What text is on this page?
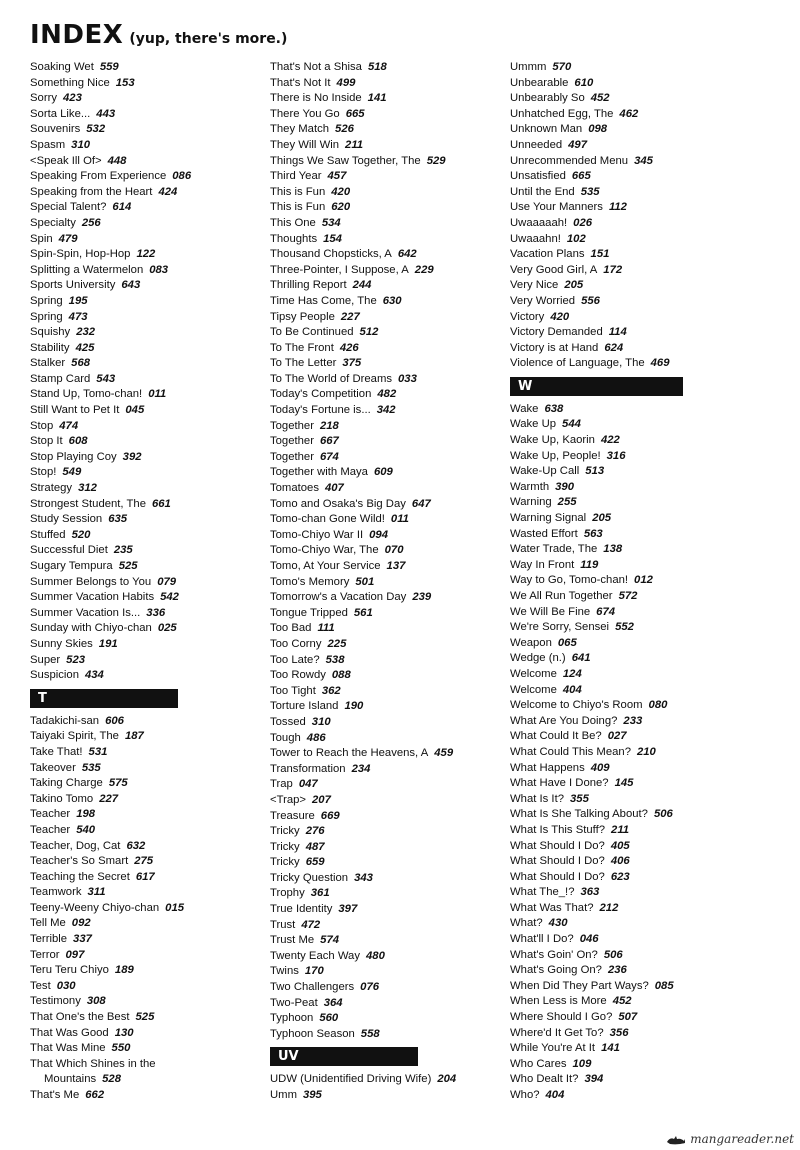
INDEX (yup, there's more.)
Soaking Wet 559
Something Nice 153
Sorry 423
Sorta Like... 443
Souvenirs 532
Spasm 310
<Speak Ill Of> 448
Speaking From Experience 086
Speaking from the Heart 424
Special Talent? 614
Specialty 256
Spin 479
Spin-Spin, Hop-Hop 122
Splitting a Watermelon 083
Sports University 643
Spring 195
Spring 473
Squishy 232
Stability 425
Stalker 568
Stamp Card 543
Stand Up, Tomo-chan! 011
Still Want to Pet It 045
Stop 474
Stop It 608
Stop Playing Coy 392
Stop! 549
Strategy 312
Strongest Student, The 661
Study Session 635
Stuffed 520
Successful Diet 235
Sugary Tempura 525
Summer Belongs to You 079
Summer Vacation Habits 542
Summer Vacation Is... 336
Sunday with Chiyo-chan 025
Sunny Skies 191
Super 523
Suspicion 434
T
Tadakichi-san 606
Taiyaki Spirit, The 187
Take That! 531
Takeover 535
Taking Charge 575
Takino Tomo 227
Teacher 198
Teacher 540
Teacher, Dog, Cat 632
Teacher's So Smart 275
Teaching the Secret 617
Teamwork 311
Teeny-Weeny Chiyo-chan 015
Tell Me 092
Terrible 337
Terror 097
Teru Teru Chiyo 189
Test 030
Testimony 308
That One's the Best 525
That Was Good 130
That Was Mine 550
That Which Shines in the
Mountains 528
That's Me 662
That's Not a Shisa 518
That's Not It 499
There is No Inside 141
There You Go 665
They Match 526
They Will Win 211
Things We Saw Together, The 529
Third Year 457
This is Fun 420
This is Fun 620
This One 534
Thoughts 154
Thousand Chopsticks, A 642
Three-Pointer, I Suppose, A 229
Thrilling Report 244
Time Has Come, The 630
Tipsy People 227
To Be Continued 512
To The Front 426
To The Letter 375
To The World of Dreams 033
Today's Competition 482
Today's Fortune is... 342
Together 218
Together 667
Together 674
Together with Maya 609
Tomatoes 407
Tomo and Osaka's Big Day 647
Tomo-chan Gone Wild! 011
Tomo-Chiyo War II 094
Tomo-Chiyo War, The 070
Tomo, At Your Service 137
Tomo's Memory 501
Tomorrow's a Vacation Day 239
Tongue Tripped 561
Too Bad 111
Too Corny 225
Too Late? 538
Too Rowdy 088
Too Tight 362
Torture Island 190
Tossed 310
Tough 486
Tower to Reach the Heavens, A 459
Transformation 234
Trap 047
<Trap> 207
Treasure 669
Tricky 276
Tricky 487
Tricky 659
Tricky Question 343
Trophy 361
True Identity 397
Trust 472
Trust Me 574
Twenty Each Way 480
Twins 170
Two Challengers 076
Two-Peat 364
Typhoon 560
Typhoon Season 558
UV
UDW (Unidentified Driving Wife) 204
Umm 395
Ummm 570
Unbearable 610
Unbearably So 452
Unhatched Egg, The 462
Unknown Man 098
Unneeded 497
Unrecommended Menu 345
Unsatisfied 665
Until the End 535
Use Your Manners 112
Uwaaaaah! 026
Uwaaahn! 102
Vacation Plans 151
Very Good Girl, A 172
Very Nice 205
Very Worried 556
Victory 420
Victory Demanded 114
Victory is at Hand 624
Violence of Language, The 469
W
Wake 638
Wake Up 544
Wake Up, Kaorin 422
Wake Up, People! 316
Wake-Up Call 513
Warmth 390
Warning 255
Warning Signal 205
Wasted Effort 563
Water Trade, The 138
Way In Front 119
Way to Go, Tomo-chan! 012
We All Run Together 572
We Will Be Fine 674
We're Sorry, Sensei 552
Weapon 065
Wedge (n.) 641
Welcome 124
Welcome 404
Welcome to Chiyo's Room 080
What Are You Doing? 233
What Could It Be? 027
What Could This Mean? 210
What Happens 409
What Have I Done? 145
What Is It? 355
What Is She Talking About? 506
What Is This Stuff? 211
What Should I Do? 405
What Should I Do? 406
What Should I Do? 623
What The_!? 363
What Was That? 212
What? 430
What'll I Do? 046
What's Goin' On? 506
What's Going On? 236
When Did They Part Ways? 085
When Less is More 452
Where Should I Go? 507
Where'd It Get To? 356
While You're At It 141
Who Cares 109
Who Dealt It? 394
Who? 404
mangareader.net
